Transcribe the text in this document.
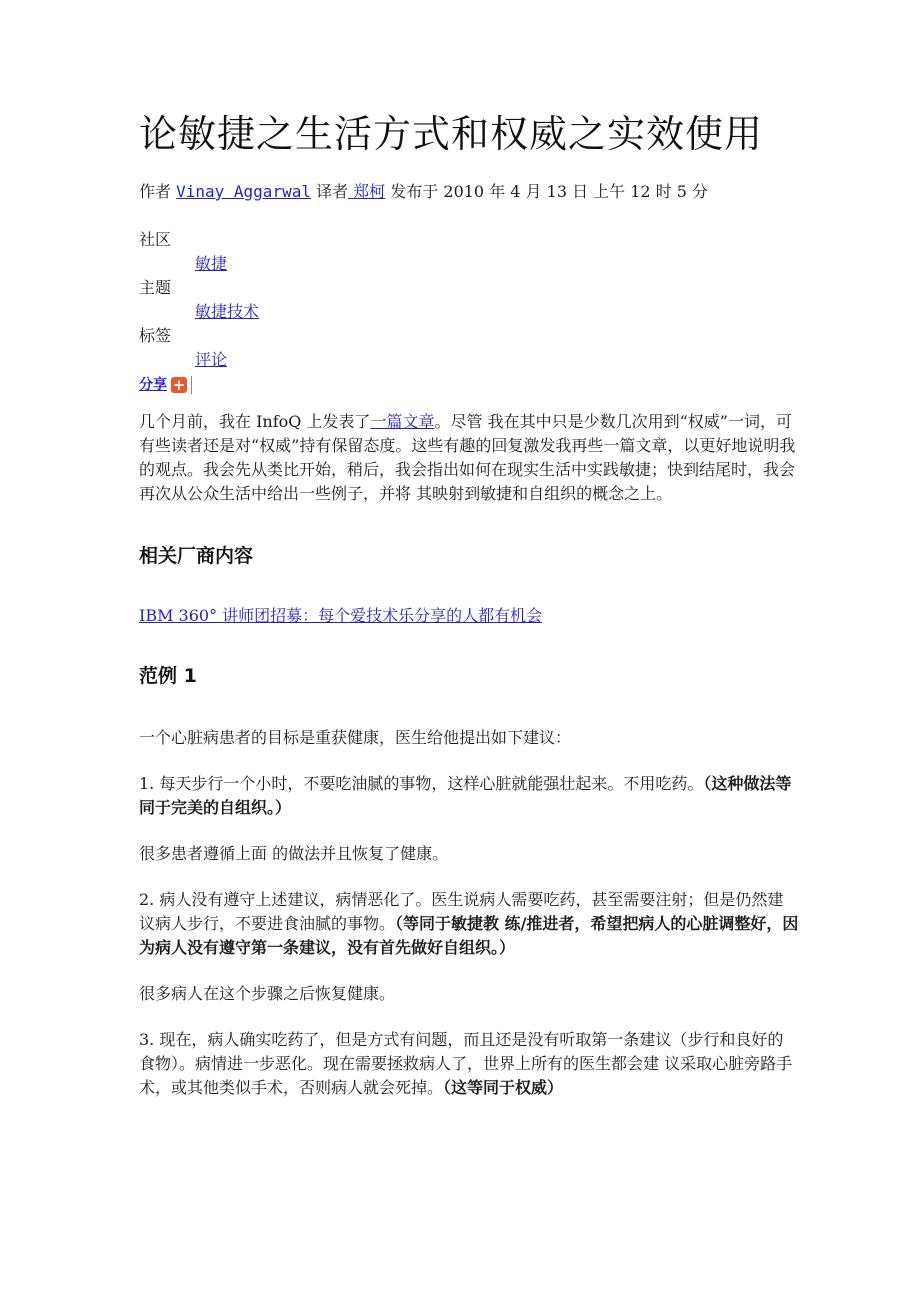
论敏捷之生活方式和权威之实效使用
作者 Vinay Aggarwal 译者 郑柯 发布于 2010 年 4 月 13 日 上午 12 时 5 分
社区
敏捷
主题
敏捷技术
标签
评论
分享 +

几个月前，我在 InfoQ 上发表了一篇文章。尽管 我在其中只是少数几次用到“权威”一词，可有些读者还是对“权威”持有保留态度。这些有趣的回复激发我再些一篇文章，以更好地说明我的观点。我会先从类比开始，稍后，我会指出如何在现实生活中实践敏捷；快到结尾时，我会再次从公众生活中给出一些例子，并将 其映射到敏捷和自组织的概念之上。

相关厂商内容
IBM 360° 讲师团招募：每个爱技术乐分享的人都有机会
范例 1

一个心脏病患者的目标是重获健康，医生给他提出如下建议：

1. 每天步行一个小时，不要吃油腻的事物，这样心脏就能强壮起来。不用吃药。（这种做法等同于完美的自组织。）

很多患者遵循上面 的做法并且恢复了健康。

2. 病人没有遵守上述建议，病情恶化了。医生说病人需要吃药，甚至需要注射；但是仍然建议病人步行，不要进食油腻的事物。（等同于敏捷教 练/推进者，希望把病人的心脏调整好，因为病人没有遵守第一条建议，没有首先做好自组织。）

很多病人在这个步骤之后恢复健康。

3. 现在，病人确实吃药了，但是方式有问题，而且还是没有听取第一条建议（步行和良好的食物）。病情进一步恶化。现在需要拯救病人了，世界上所有的医生都会建 议采取心脏旁路手术，或其他类似手术，否则病人就会死掉。（这等同于权威）
